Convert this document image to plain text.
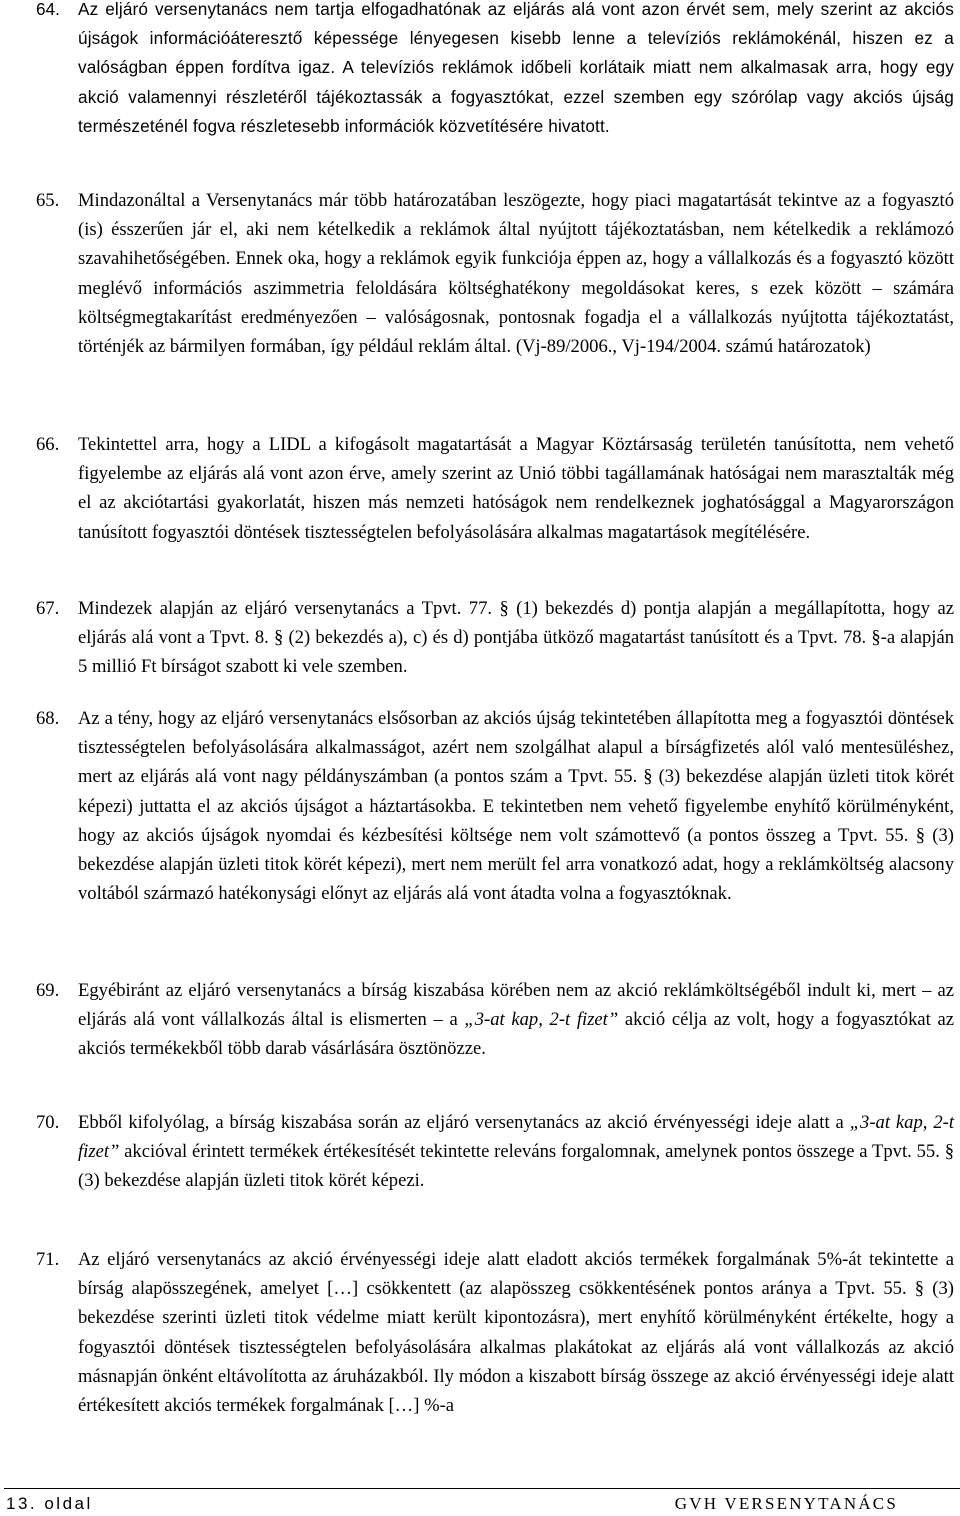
64.	Az eljáró versenytanács nem tartja elfogadhatónak az eljárás alá vont azon érvét sem, mely szerint az akciós újságok információáteresztő képessége lényegesen kisebb lenne a televíziós reklámokénál, hiszen ez a valóságban éppen fordítva igaz. A televíziós reklámok időbeli korlátaik miatt nem alkalmasak arra, hogy egy akció valamennyi részletéről tájékoztassák a fogyasztókat, ezzel szemben egy szórólap vagy akciós újság természeténél fogva részletesebb információk közvetítésére hivatott.
65.	Mindazonáltal a Versenytanács már több határozatában leszögezte, hogy piaci magatartását tekintve az a fogyasztó (is) ésszerűen jár el, aki nem kételkedik a reklámok által nyújtott tájékoztatásban, nem kételkedik a reklámozó szavahihetőségében. Ennek oka, hogy a reklámok egyik funkciója éppen az, hogy a vállalkozás és a fogyasztó között meglévő információs aszimmetria feloldására költséghatékony megoldásokat keres, s ezek között – számára költségmegtakarítást eredményezően – valóságosnak, pontosnak fogadja el a vállalkozás nyújtotta tájékoztatást, történjék az bármilyen formában, így például reklám által. (Vj-89/2006., Vj-194/2004. számú határozatok)
66.	Tekintettel arra, hogy a LIDL a kifogásolt magatartását a Magyar Köztársaság területén tanúsította, nem vehető figyelembe az eljárás alá vont azon érve, amely szerint az Unió többi tagállamának hatóságai nem marasztalták még el az akciótartási gyakorlatát, hiszen más nemzeti hatóságok nem rendelkeznek joghatósággal a Magyarországon tanúsított fogyasztói döntések tisztességtelen befolyásolására alkalmas magatartások megítélésére.
67.	Mindezek alapján az eljáró versenytanács a Tpvt. 77. § (1) bekezdés d) pontja alapján a megállapította, hogy az eljárás alá vont a Tpvt. 8. § (2) bekezdés a), c) és d) pontjába ütköző magatartást tanúsított és a Tpvt. 78. §-a alapján 5 millió Ft bírságot szabott ki vele szemben.
68.	Az a tény, hogy az eljáró versenytanács elsősorban az akciós újság tekintetében állapította meg a fogyasztói döntések tisztességtelen befolyásolására alkalmasságot, azért nem szolgálhat alapul a bírságfizetés alól való mentesüléshez, mert az eljárás alá vont nagy példányszámban (a pontos szám a Tpvt. 55. § (3) bekezdése alapján üzleti titok körét képezi) juttatta el az akciós újságot a háztartásokba. E tekintetben nem vehető figyelembe enyhítő körülményként, hogy az akciós újságok nyomdai és kézbesítési költsége nem volt számottevő (a pontos összeg a Tpvt. 55. § (3) bekezdése alapján üzleti titok körét képezi), mert nem merült fel arra vonatkozó adat, hogy a reklámköltség alacsony voltából származó hatékonysági előnyt az eljárás alá vont átadta volna a fogyasztóknak.
69.	Egyébiránt az eljáró versenytanács a bírság kiszabása körében nem az akció reklámköltségéből indult ki, mert – az eljárás alá vont vállalkozás által is elismerten – a „3-at kap, 2-t fizet” akció célja az volt, hogy a fogyasztókat az akciós termékekből több darab vásárlására ösztönözze.
70.	Ebből kifolyólag, a bírság kiszabása során az eljáró versenytanács az akció érvényességi ideje alatt a „3-at kap, 2-t fizet” akcióval érintett termékek értékesítését tekintette releváns forgalomnak, amelynek pontos összege a Tpvt. 55. § (3) bekezdése alapján üzleti titok körét képezi.
71.	Az eljáró versenytanács az akció érvényességi ideje alatt eladott akciós termékek forgalmának 5%-át tekintette a bírság alapösszegének, amelyet […] csökkentett (az alapösszeg csökkentésének pontos aránya a Tpvt. 55. § (3) bekezdése szerinti üzleti titok védelme miatt került kipontozásra), mert enyhítő körülményként értékelte, hogy a fogyasztói döntések tisztességtelen befolyásolására alkalmas plakátokat az eljárás alá vont vállalkozás az akció másnapján önként eltávolította az áruházakból. Ily módon a kiszabott bírság összege az akció érvényességi ideje alatt értékesített akciós termékek forgalmának […] %-a
13. oldal	GVH VERSENYTANÁCS
